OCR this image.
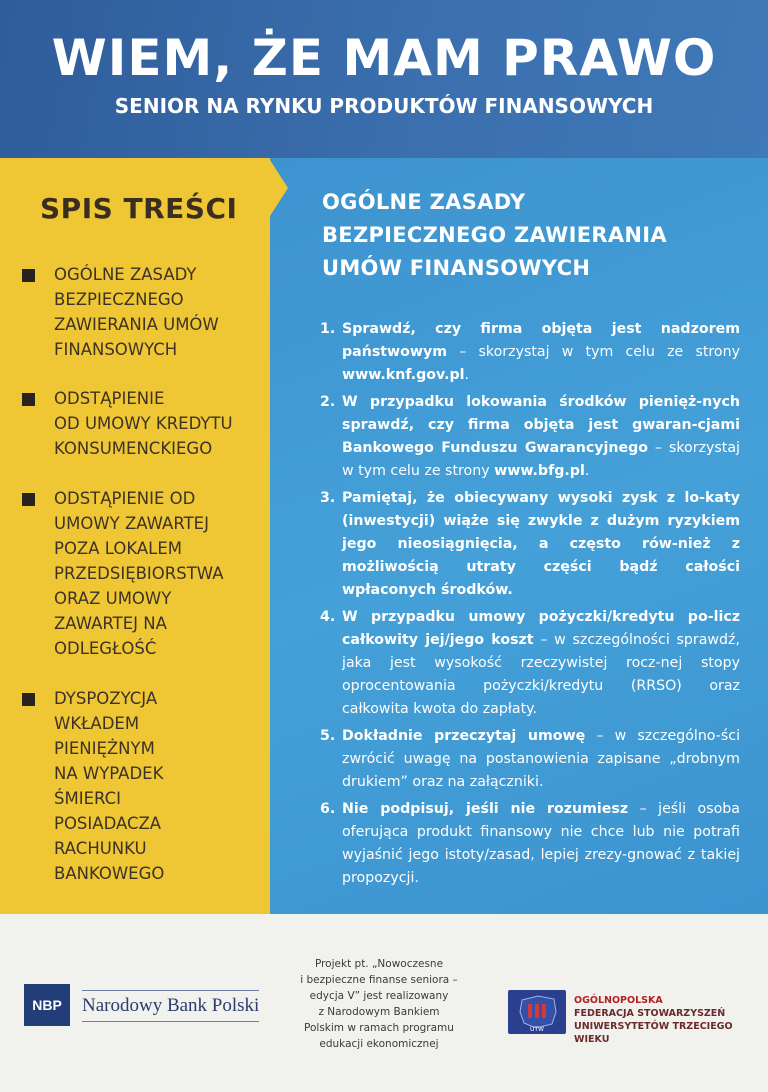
WIEM, ŻE MAM PRAWO
SENIOR NA RYNKU PRODUKTÓW FINANSOWYCH
SPIS TREŚCI
OGÓLNE ZASADY
BEZPIECZNEGO
ZAWIERANIA UMÓW
FINANSOWYCH
ODSTĄPIENIE
OD UMOWY KREDYTU
KONSUMENCKIEGO
ODSTĄPIENIE OD
UMOWY ZAWARTEJ
POZA LOKALEM
PRZEDSIĘBIORSTWA
ORAZ UMOWY
ZAWARTEJ NA
ODLEGŁOŚĆ
DYSPOZYCJA
WKŁADEM
PIENIĘŻNYM
NA WYPADEK
ŚMIERCI
POSIADACZA
RACHUNKU
BANKOWEGO
OGÓLNE ZASADY
BEZPIECZNEGO ZAWIERANIA
UMÓW FINANSOWYCH
1. Sprawdź, czy firma objęta jest nadzorem państwowym – skorzystaj w tym celu ze strony www.knf.gov.pl.
2. W przypadku lokowania środków pienięż-nych sprawdź, czy firma objęta jest gwaran-cjami Bankowego Funduszu Gwarancyjnego – skorzystaj w tym celu ze strony www.bfg.pl.
3. Pamiętaj, że obiecywany wysoki zysk z lo-katy (inwestycji) wiąże się zwykle z dużym ryzykiem jego nieosiągnięcia, a często rów-nież z możliwością utraty części bądź całości wpłaconych środków.
4. W przypadku umowy pożyczki/kredytu po-licz całkowity jej/jego koszt – w szczególności sprawdź, jaka jest wysokość rzeczywistej rocz-nej stopy oprocentowania pożyczki/kredytu (RRSO) oraz całkowita kwota do zapłaty.
5. Dokładnie przeczytaj umowę – w szczególno-ści zwrócić uwagę na postanowienia zapisane „drobnym drukiem” oraz na załączniki.
6. Nie podpisuj, jeśli nie rozumiesz – jeśli osoba oferująca produkt finansowy nie chce lub nie potrafi wyjaśnić jego istoty/zasad, lepiej zrezy-gnować z takiej propozycji.
NBP	Narodowy Bank Polski
Projekt pt. „Nowoczesne
i bezpieczne finanse seniora –
edycja V” jest realizowany
z Narodowym Bankiem
Polskim w ramach programu
edukacji ekonomicznej
UTW
OGÓLNOPOLSKA
FEDERACJA STOWARZYSZEŃ
UNIWERSYTETÓW TRZECIEGO WIEKU
